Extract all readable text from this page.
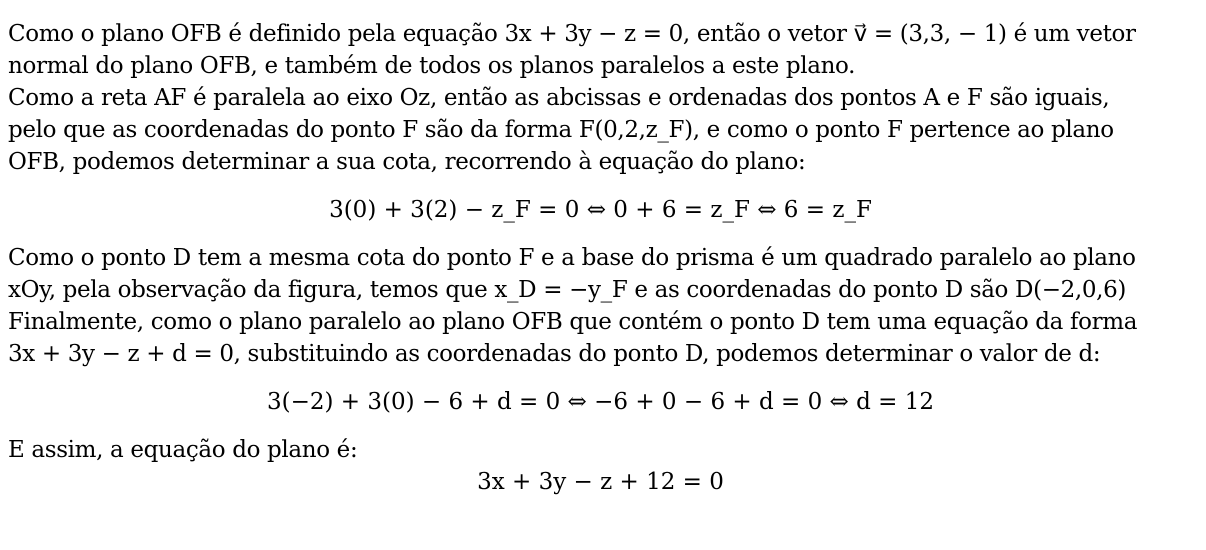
Como o plano OFB é definido pela equação 3x + 3y − z = 0, então o vetor v⃗ = (3,3, − 1) é um vetor
normal do plano OFB, e também de todos os planos paralelos a este plano.
Como a reta AF é paralela ao eixo Oz, então as abcissas e ordenadas dos pontos A e F são iguais,
pelo que as coordenadas do ponto F são da forma F(0,2,z_F), e como o ponto F pertence ao plano
OFB, podemos determinar a sua cota, recorrendo à equação do plano:
3(0) + 3(2) − z_F = 0 ⇔ 0 + 6 = z_F ⇔ 6 = z_F
Como o ponto D tem a mesma cota do ponto F e a base do prisma é um quadrado paralelo ao plano
xOy, pela observação da figura, temos que x_D = −y_F e as coordenadas do ponto D são D(−2,0,6)
Finalmente, como o plano paralelo ao plano OFB que contém o ponto D tem uma equação da forma
3x + 3y − z + d = 0, substituindo as coordenadas do ponto D, podemos determinar o valor de d:
3(−2) + 3(0) − 6 + d = 0 ⇔ −6 + 0 − 6 + d = 0 ⇔ d = 12
E assim, a equação do plano é:
3x + 3y − z + 12 = 0
